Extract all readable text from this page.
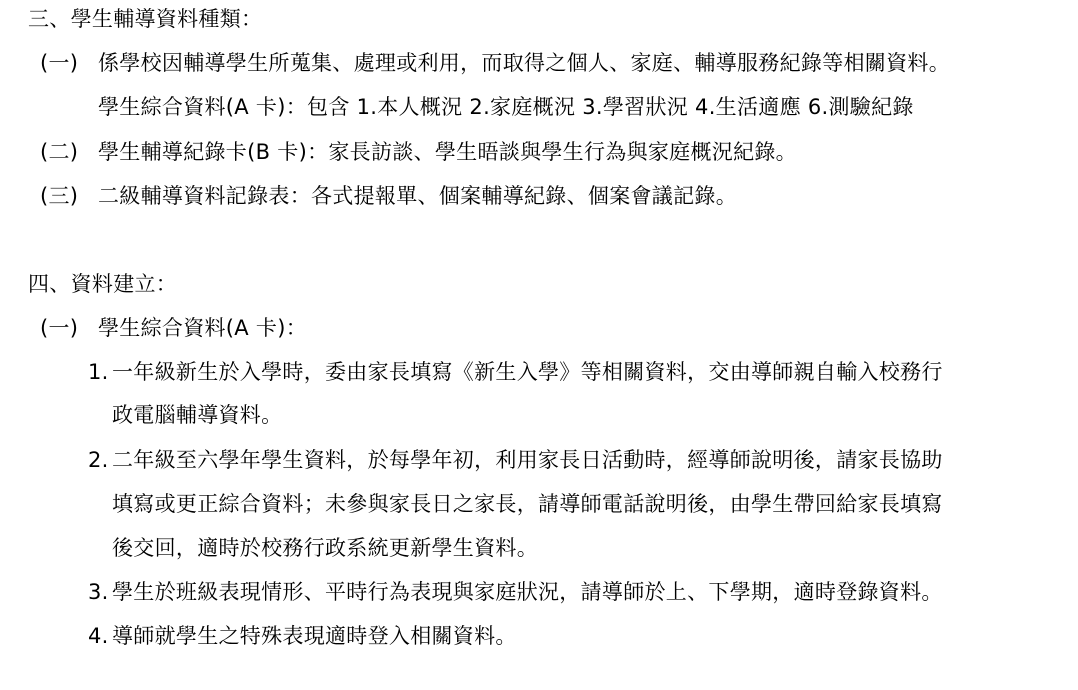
三、學生輔導資料種類：
(一) 係學校因輔導學生所蒐集、處理或利用，而取得之個人、家庭、輔導服務紀錄等相關資料。
學生綜合資料(A 卡)：包含 1.本人概況 2.家庭概況 3.學習狀況 4.生活適應 6.測驗紀錄
(二) 學生輔導紀錄卡(B 卡)：家長訪談、學生晤談與學生行為與家庭概況紀錄。
(三) 二級輔導資料記錄表：各式提報單、個案輔導紀錄、個案會議記錄。
四、資料建立：
(一) 學生綜合資料(A 卡)：
1. 一年級新生於入學時，委由家長填寫《新生入學》等相關資料，交由導師親自輸入校務行
政電腦輔導資料。
2. 二年級至六學年學生資料，於每學年初，利用家長日活動時，經導師說明後，請家長協助
填寫或更正綜合資料；未參與家長日之家長，請導師電話說明後，由學生帶回給家長填寫
後交回，適時於校務行政系統更新學生資料。
3. 學生於班級表現情形、平時行為表現與家庭狀況，請導師於上、下學期，適時登錄資料。
4. 導師就學生之特殊表現適時登入相關資料。
